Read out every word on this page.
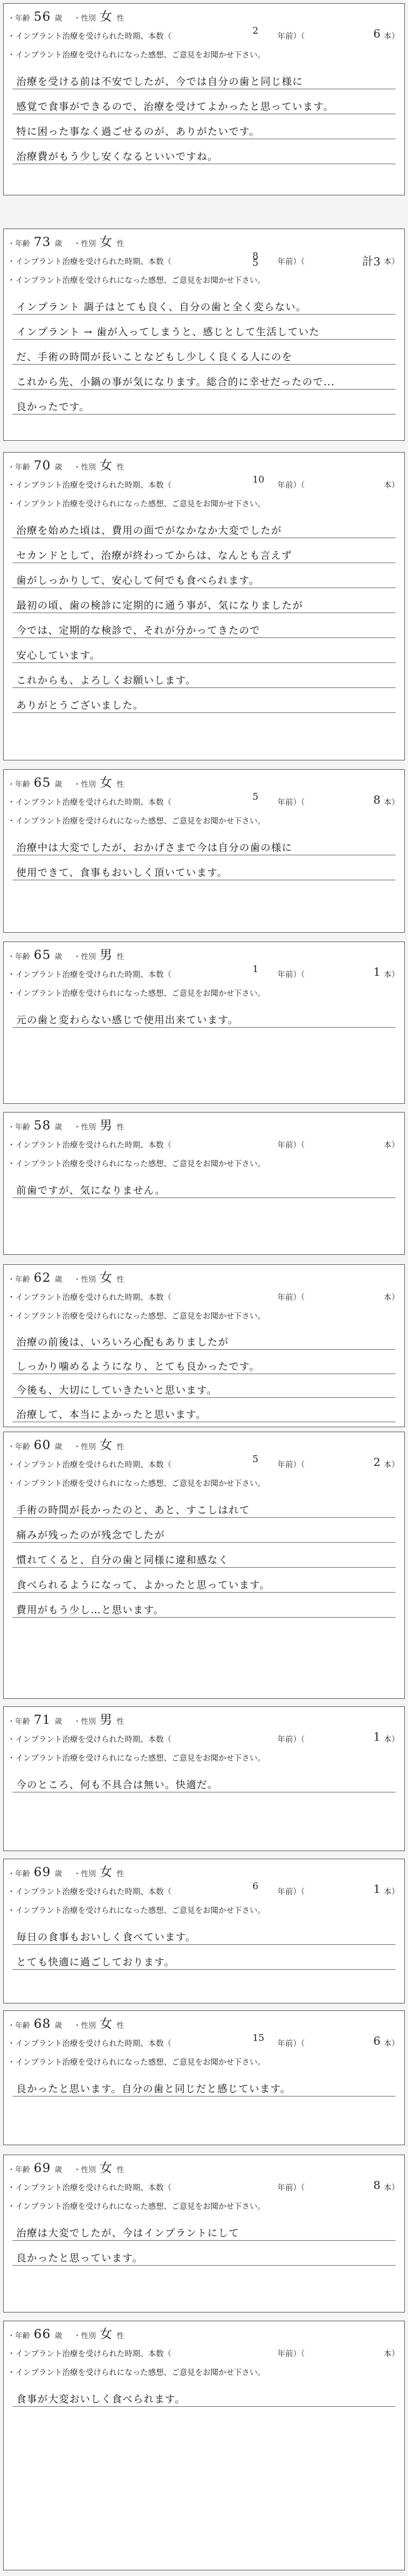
・年齢 56 歳 ・性別 女 性
・インプラント治療を受けられた時期、本数（	2 年前）（	6 本）
・インプラント治療を受けられになった感想、ご意見をお聞かせ下さい。
治療を受ける前は不安でしたが、今では自分の歯と同じ様に
感覚で食事ができるので、治療を受けてよかったと思っています。
特に困った事なく過ごせるのが、ありがたいです。
治療費がもう少し安くなるといいですね。
・年齢 73 歳 ・性別 女 性
・インプラント治療を受けられた時期、本数（	8
5 年前）（	計3 本）
・インプラント治療を受けられになった感想、ご意見をお聞かせ下さい。
インプラント 調子はとても良く、自分の歯と全く変らない。
インプラント → 歯が入ってしまうと、感じとして生活していた
だ、手術の時間が長いことなどもし少しく良くる人にのを
これから先、小鍋の事が気になります。総合的に幸せだったので...
良かったです。
・年齢 70 歳 ・性別 女 性
・インプラント治療を受けられた時期、本数（	10 年前）（	本）
・インプラント治療を受けられになった感想、ご意見をお聞かせ下さい。
治療を始めた頃は、費用の面でがなかなか大変でしたが
セカンドとして、治療が終わってからは、なんとも言えず
歯がしっかりして、安心して何でも食べられます。
最初の頃、歯の検診に定期的に通う事が、気になりましたが
今では、定期的な検診で、それが分かってきたので
安心しています。
これからも、よろしくお願いします。
ありがとうございました。
・年齢 65 歳 ・性別 女 性
・インプラント治療を受けられた時期、本数（	5 年前）（	8 本）
・インプラント治療を受けられになった感想、ご意見をお聞かせ下さい。
治療中は大変でしたが、おかげさまで今は自分の歯の様に
使用できて、食事もおいしく頂いています。
・年齢 65 歳 ・性別 男 性
・インプラント治療を受けられた時期、本数（	1 年前）（	1 本）
・インプラント治療を受けられになった感想、ご意見をお聞かせ下さい。
元の歯と変わらない感じで使用出来ています。
・年齢 58 歳 ・性別 男 性
・インプラント治療を受けられた時期、本数（	年前）（	本）
・インプラント治療を受けられになった感想、ご意見をお聞かせ下さい。
前歯ですが、気になりません。
・年齢 62 歳 ・性別 女 性
・インプラント治療を受けられた時期、本数（	年前）（	本）
・インプラント治療を受けられになった感想、ご意見をお聞かせ下さい。
治療の前後は、いろいろ心配もありましたが
しっかり噛めるようになり、とても良かったです。
今後も、大切にしていきたいと思います。
治療して、本当によかったと思います。
・年齢 60 歳 ・性別 女 性
・インプラント治療を受けられた時期、本数（	5 年前）（	2 本）
・インプラント治療を受けられになった感想、ご意見をお聞かせ下さい。
手術の時間が長かったのと、あと、すこしはれて
痛みが残ったのが残念でしたが
慣れてくると、自分の歯と同様に違和感なく
食べられるようになって、よかったと思っています。
費用がもう少し…と思います。
・年齢 71 歳 ・性別 男 性
・インプラント治療を受けられた時期、本数（	年前）（	1 本）
・インプラント治療を受けられになった感想、ご意見をお聞かせ下さい。
今のところ、何も不具合は無い。快適だ。
・年齢 69 歳 ・性別 女 性
・インプラント治療を受けられた時期、本数（	6 年前）（	1 本）
・インプラント治療を受けられになった感想、ご意見をお聞かせ下さい。
毎日の食事もおいしく食べています。
とても快適に過ごしております。
・年齢 68 歳 ・性別 女 性
・インプラント治療を受けられた時期、本数（	15 年前）（	6 本）
・インプラント治療を受けられになった感想、ご意見をお聞かせ下さい。
良かったと思います。自分の歯と同じだと感じています。
・年齢 69 歳 ・性別 女 性
・インプラント治療を受けられた時期、本数（	年前）（	8 本）
・インプラント治療を受けられになった感想、ご意見をお聞かせ下さい。
治療は大変でしたが、今はインプラントにして
良かったと思っています。
・年齢 66 歳 ・性別 女 性
・インプラント治療を受けられた時期、本数（	年前）（	本）
・インプラント治療を受けられになった感想、ご意見をお聞かせ下さい。
食事が大変おいしく食べられます。
